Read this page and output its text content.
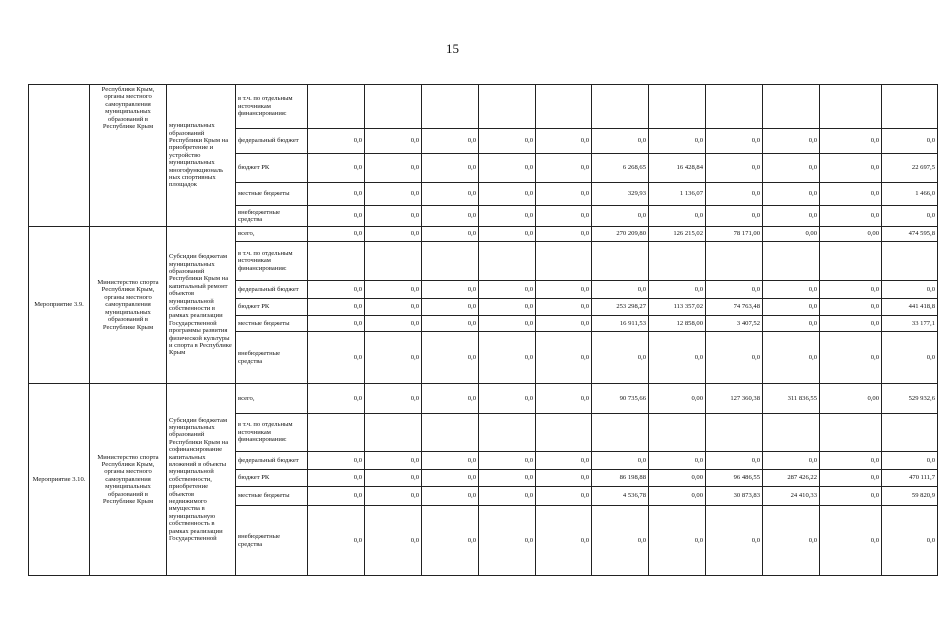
15
	Республики Крым, органы местного самоуправления муниципальных образований в Республике Крым	муниципальных образований Республики Крым на приобретение и устройство муниципальных многофункциональ ных спортивных площадок	в т.ч. по отдельным источникам финансирования:											
			федеральный бюджет	0,0	0,0	0,0	0,0	0,0	0,0	0,0	0,0	0,0	0,0	0,0
			бюджет РК	0,0	0,0	0,0	0,0	0,0	6 268,65	16 428,84	0,0	0,0	0,0	22 697,5
			местные бюджеты	0,0	0,0	0,0	0,0	0,0	329,93	1 136,07	0,0	0,0	0,0	1 466,0
			внебюджетные средства	0,0	0,0	0,0	0,0	0,0	0,0	0,0	0,0	0,0	0,0	0,0
Мероприятие 3.9.	Министерство спорта Республики Крым, органы местного самоуправления муниципальных образований в Республике Крым	Субсидии бюджетам муниципальных образований Республики Крым на капитальный ремонт объектов муниципальной собственности в рамках реализации Государственной программы развития физической культуры и спорта в Республике Крым	всего,	0,0	0,0	0,0	0,0	0,0	270 209,80	126 215,02	78 171,00	0,00	0,00	474 595,8
			в т.ч. по отдельным источникам финансирования:											
			федеральный бюджет	0,0	0,0	0,0	0,0	0,0	0,0	0,0	0,0	0,0	0,0	0,0
			бюджет РК	0,0	0,0	0,0	0,0	0,0	253 298,27	113 357,02	74 763,48	0,0	0,0	441 418,8
			местные бюджеты	0,0	0,0	0,0	0,0	0,0	16 911,53	12 858,00	3 407,52	0,0	0,0	33 177,1
			внебюджетные средства	0,0	0,0	0,0	0,0	0,0	0,0	0,0	0,0	0,0	0,0	0,0
Мероприятие 3.10.	Министерство спорта Республики Крым, органы местного самоуправления муниципальных образований в Республике Крым	Субсидии бюджетам муниципальных образований Республики Крым на софинансирование капитальных вложений в объекты муниципальной собственности, приобретение объектов недвижимого имущества в муниципальную собственность в рамках реализации Государственной	всего,	0,0	0,0	0,0	0,0	0,0	90 735,66	0,00	127 360,38	311 836,55	0,00	529 932,6
			в т.ч. по отдельным источникам финансирования:											
			федеральный бюджет	0,0	0,0	0,0	0,0	0,0	0,0	0,0	0,0	0,0	0,0	0,0
			бюджет РК	0,0	0,0	0,0	0,0	0,0	86 198,88	0,00	96 486,55	287 426,22	0,0	470 111,7
			местные бюджеты	0,0	0,0	0,0	0,0	0,0	4 536,78	0,00	30 873,83	24 410,33	0,0	59 820,9
			внебюджетные средства	0,0	0,0	0,0	0,0	0,0	0,0	0,0	0,0	0,0	0,0	0,0
